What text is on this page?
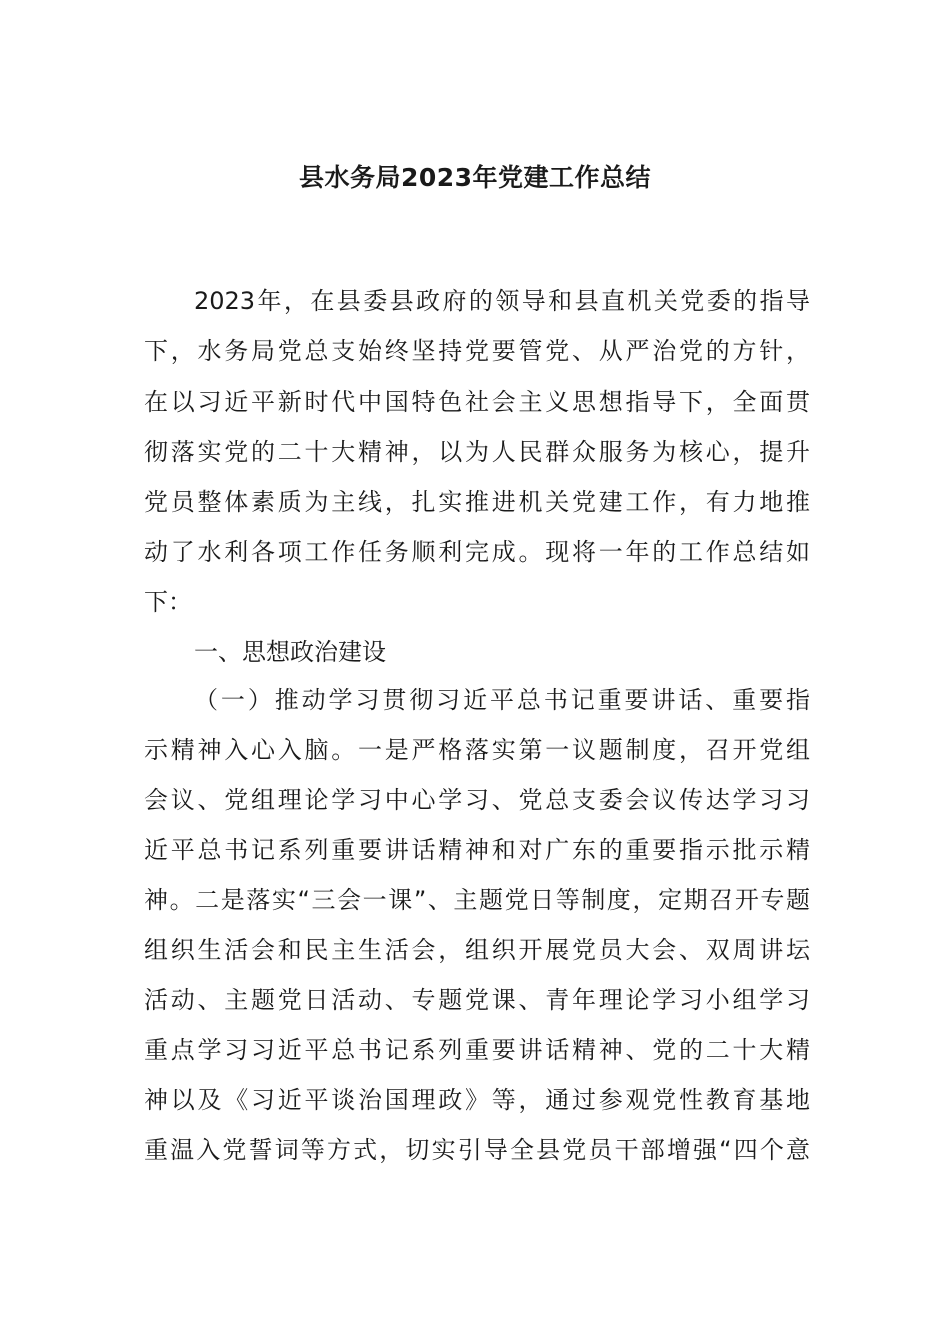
县水务局2023年党建工作总结
2023年，在县委县政府的领导和县直机关党委的指导
下，水务局党总支始终坚持党要管党、从严治党的方针，
在以习近平新时代中国特色社会主义思想指导下，全面贯
彻落实党的二十大精神，以为人民群众服务为核心，提升
党员整体素质为主线，扎实推进机关党建工作，有力地推
动了水利各项工作任务顺利完成。现将一年的工作总结如
下：
一、思想政治建设
（一）推动学习贯彻习近平总书记重要讲话、重要指
示精神入心入脑。一是严格落实第一议题制度，召开党组
会议、党组理论学习中心学习、党总支委会议传达学习习
近平总书记系列重要讲话精神和对广东的重要指示批示精
神。二是落实“三会一课”、主题党日等制度，定期召开专题
组织生活会和民主生活会，组织开展党员大会、双周讲坛
活动、主题党日活动、专题党课、青年理论学习小组学习
重点学习习近平总书记系列重要讲话精神、党的二十大精
神以及《习近平谈治国理政》等，通过参观党性教育基地
重温入党誓词等方式，切实引导全县党员干部增强“四个意
